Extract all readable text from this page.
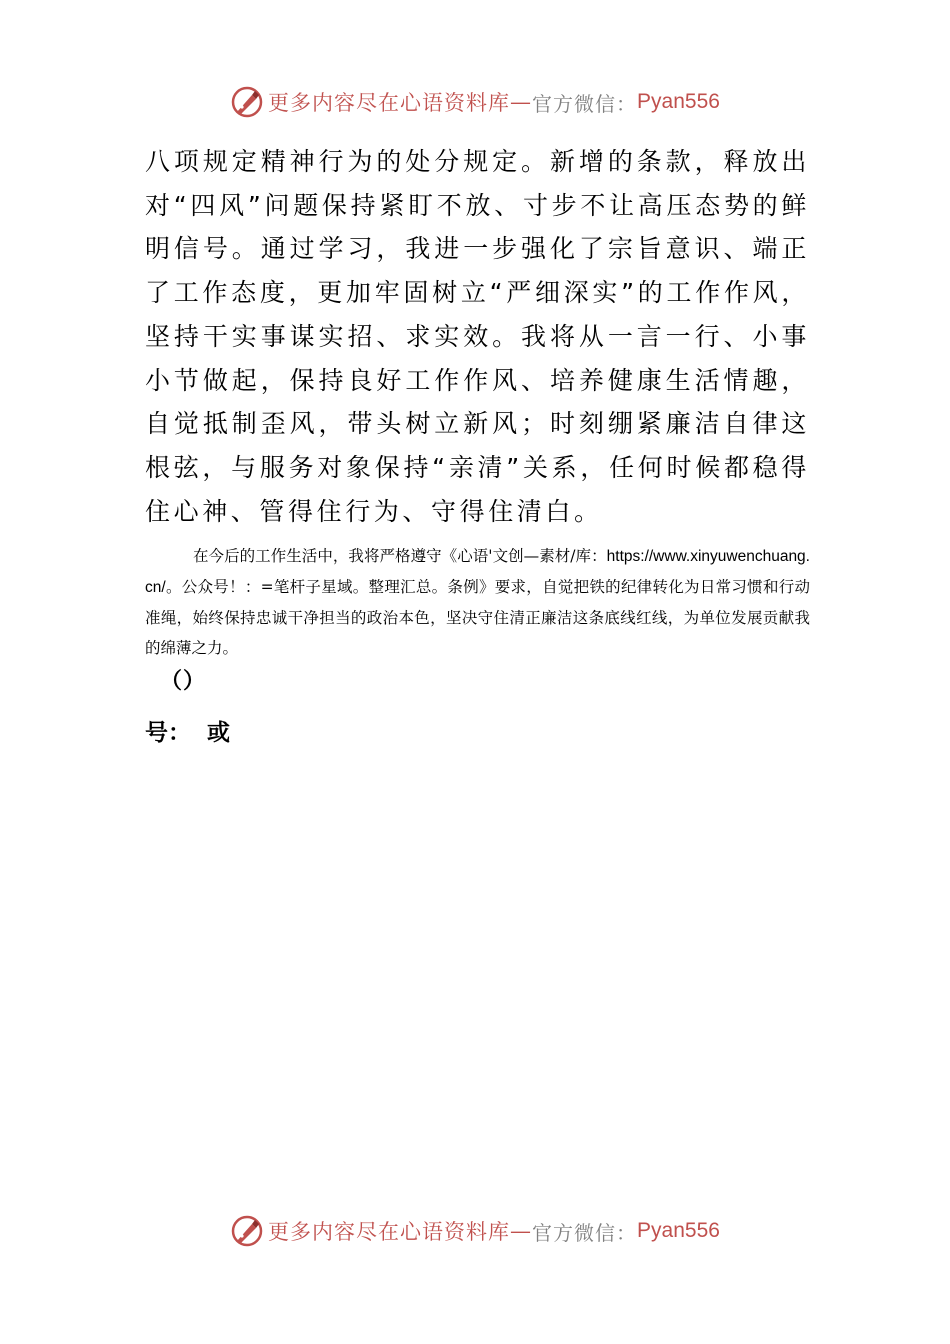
更多内容尽在心语资料库 — 官方微信： Pyan556

八项规定精神行为的处分规定。新增的条款，释放出对“四风”问题保持紧盯不放、寸步不让高压态势的鲜明信号。通过学习，我进一步强化了宗旨意识、端正了工作态度，更加牢固树立“严细深实”的工作作风，坚持干实事谋实招、求实效。我将从一言一行、小事小节做起，保持良好工作作风、培养健康生活情趣，自觉抵制歪风，带头树立新风；时刻绷紧廉洁自律这根弦，与服务对象保持“亲清”关系，任何时候都稳得住心神、管得住行为、守得住清白。

在今后的工作生活中，我将严格遵守《心语'文创—素材/库：https://www.xinyuwenchuang.cn/。公众号！：=笔杆子星域。整理汇总。条例》要求，自觉把铁的纪律转化为日常习惯和行动准绳，始终保持忠诚干净担当的政治本色，坚决守住清正廉洁这条底线红线，为单位发展贡献我的绵薄之力。

（）
号：  或
更多内容尽在心语资料库 — 官方微信： Pyan556
